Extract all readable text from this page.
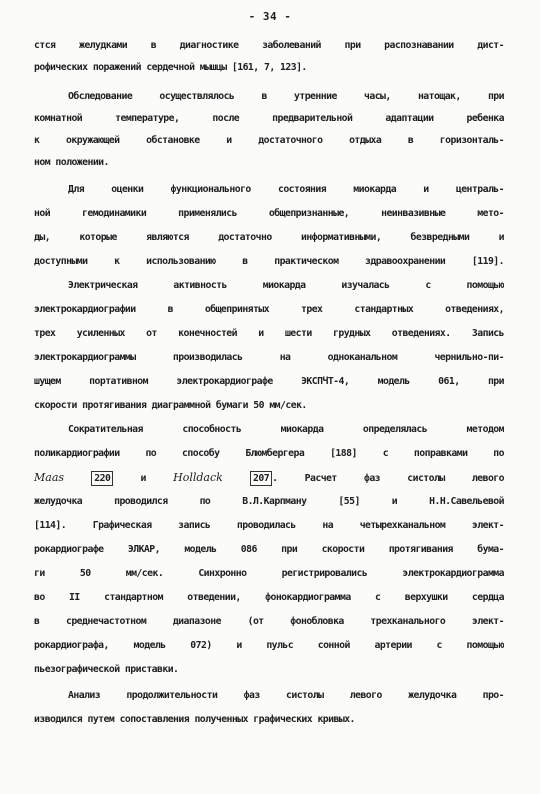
- 34 -
стся желудками в диагностике заболеваний при распознавании дист-
рофических поражений сердечной мышцы [161, 7, 123].
Обследование осуществлялось в утренние часы, натощак, при
комнатной температуре, после предварительной адаптации ребенка
к окружающей обстановке и достаточного отдыха в горизонталь-
ном положении.
Для оценки функционального состояния миокарда и централь-
ной гемодинамики применялись общепризнанные, неинвазивные мето-
ды, которые являются достаточно информативными, безвредными и
доступными к использованию в практическом здравоохранении [119].
Электрическая активность миокарда изучалась с помощью
электрокардиографии в общепринятых трех стандартных отведениях,
трех усиленных от конечностей и шести грудных отведениях. Запись
электрокардиограммы производилась на одноканальном чернильно-пи-
шущем портативном электрокардиографе ЭКСПЧТ-4, модель 061, при
скорости протягивания диаграммной бумаги 50 мм/сек.
Сократительная способность миокарда определялась методом
поликардиографии по способу Блюмбергера [188] с поправками по
Maas	220 и Holldack	207 . Расчет фаз систолы левого
желудочка проводился по В.Л.Карпману [55] и Н.Н.Савельевой
[114]. Графическая запись проводилась на четырехканальном элект-
рокардиографе ЭЛКАР, модель 086 при скорости протягивания бума-
ги 50 мм/сек. Синхронно регистрировались электрокардиограмма
во II стандартном отведении, фонокардиограмма с верхушки сердца
в среднечастотном диапазоне (от фонобловка трехканального элект-
рокардиографа, модель 072) и пульс сонной артерии с помощью
пьезографической приставки.
Анализ продолжительности фаз систолы левого желудочка про-
изводился путем сопоставления полученных графических кривых.
